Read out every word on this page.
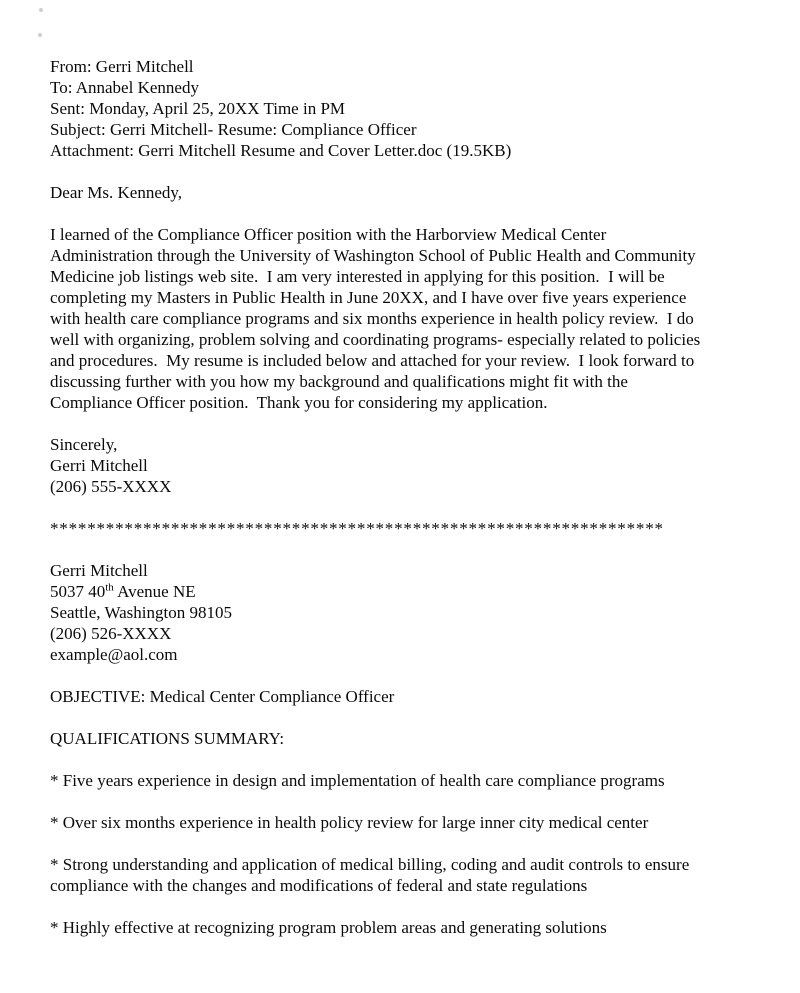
From: Gerri Mitchell
To: Annabel Kennedy
Sent: Monday, April 25, 20XX Time in PM
Subject: Gerri Mitchell- Resume: Compliance Officer
Attachment: Gerri Mitchell Resume and Cover Letter.doc (19.5KB)
Dear Ms. Kennedy,
I learned of the Compliance Officer position with the Harborview Medical Center
Administration through the University of Washington School of Public Health and Community
Medicine job listings web site.  I am very interested in applying for this position.  I will be
completing my Masters in Public Health in June 20XX, and I have over five years experience
with health care compliance programs and six months experience in health policy review.  I do
well with organizing, problem solving and coordinating programs- especially related to policies
and procedures.  My resume is included below and attached for your review.  I look forward to
discussing further with you how my background and qualifications might fit with the
Compliance Officer position.  Thank you for considering my application.
Sincerely,
Gerri Mitchell
(206) 555-XXXX
******************************************************************
Gerri Mitchell
5037 40th Avenue NE
Seattle, Washington 98105
(206) 526-XXXX
example@aol.com
OBJECTIVE: Medical Center Compliance Officer
QUALIFICATIONS SUMMARY:
* Five years experience in design and implementation of health care compliance programs
* Over six months experience in health policy review for large inner city medical center
* Strong understanding and application of medical billing, coding and audit controls to ensure
compliance with the changes and modifications of federal and state regulations
* Highly effective at recognizing program problem areas and generating solutions
